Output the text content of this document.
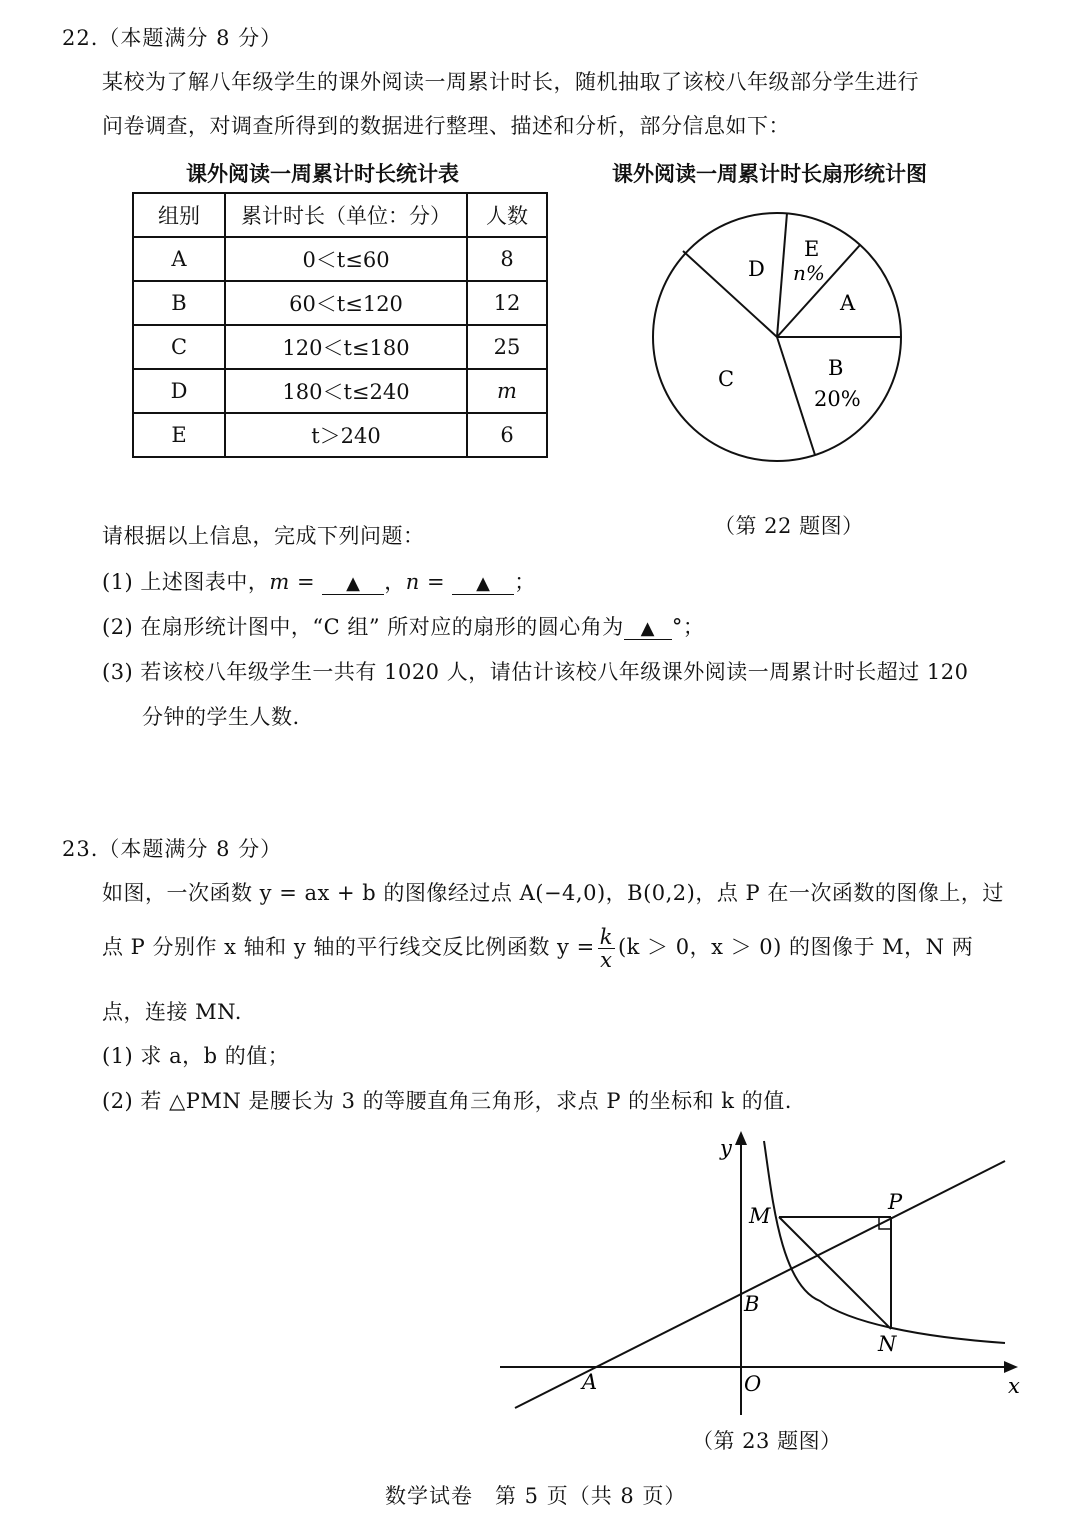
22.（本题满分 8 分）
某校为了解八年级学生的课外阅读一周累计时长，随机抽取了该校八年级部分学生进行
问卷调查，对调查所得到的数据进行整理、描述和分析，部分信息如下：
课外阅读一周累计时长统计表
组别	累计时长（单位：分）	人数
A	0＜t≤60	8
B	60＜t≤120	12
C	120＜t≤180	25
D	180＜t≤240	m
E	t＞240	6
课外阅读一周累计时长扇形统计图
D
E
n%
A
B
20%
C
（第 22 题图）
请根据以上信息，完成下列问题：
(1) 上述图表中，m = ▲ ，n = ▲ ；
(2) 在扇形统计图中，“C 组” 所对应的扇形的圆心角为 ▲ °；
(3) 若该校八年级学生一共有 1020 人，请估计该校八年级课外阅读一周累计时长超过 120
分钟的学生人数.
23.（本题满分 8 分）
如图，一次函数 y = ax + b 的图像经过点 A(−4,0)，B(0,2)，点 P 在一次函数的图像上，过
点 P 分别作 x 轴和 y 轴的平行线交反比例函数 $y = \frac{k}{x} (k > 0$，x ＞ 0) 的图像于 M，N 两
点，连接 MN.
(1) 求 a，b 的值；
(2) 若 △PMN 是腰长为 3 的等腰直角三角形，求点 P 的坐标和 k 的值.
y
x
O
A
B
M
N
P
（第 23 题图）
数学试卷　第 5 页（共 8 页）
